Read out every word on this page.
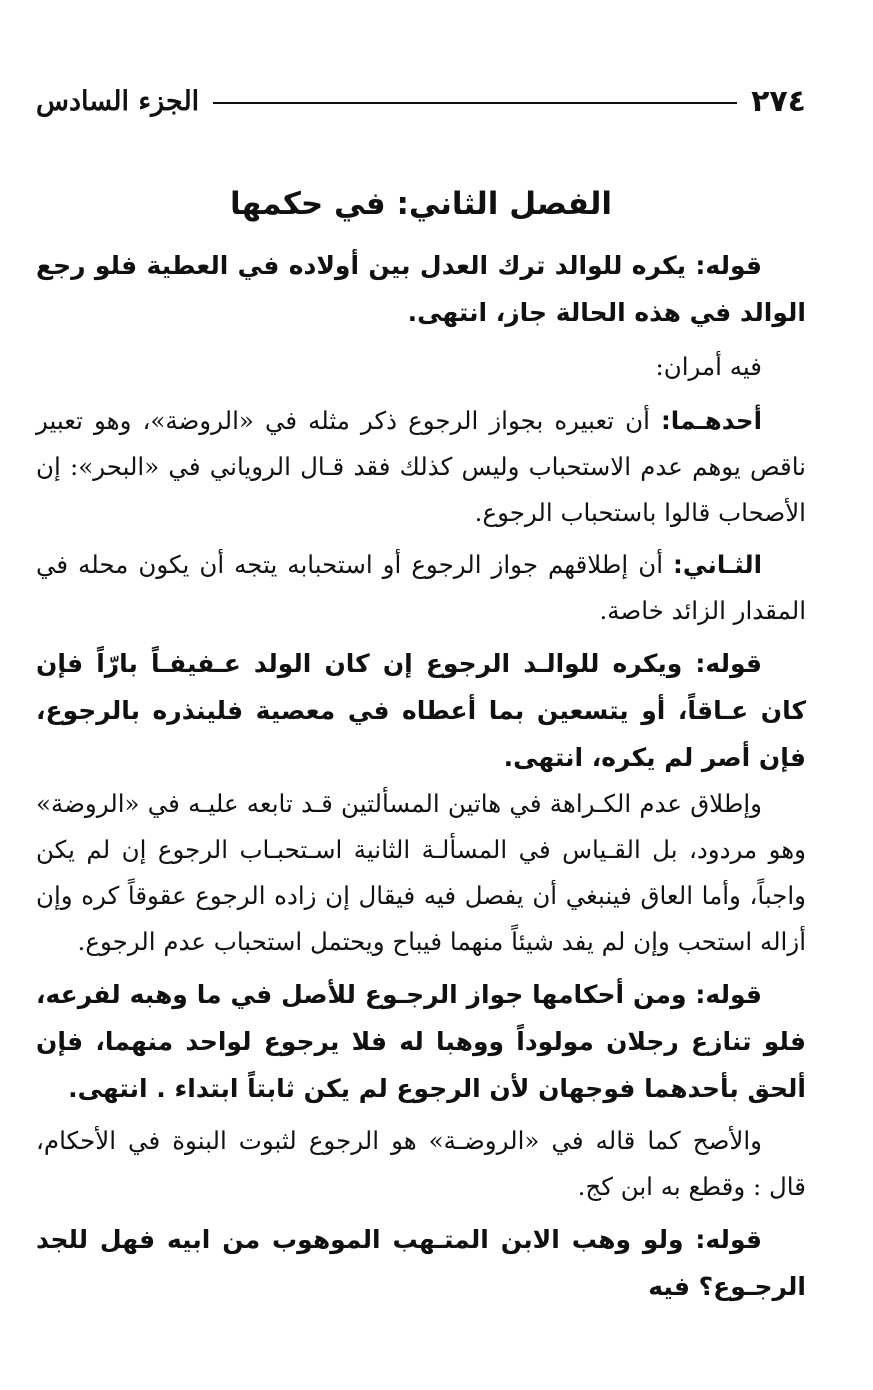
٢٧٤
الجزء السادس
الفصل الثاني: في حكمها

قوله: يكره للوالد ترك العدل بين أولاده في العطية فلو رجع الوالد في هذه الحالة جاز، انتهى.

فيه أمران:

أحدهـما: أن تعبيره بجواز الرجوع ذكر مثله في «الروضة»، وهو تعبير ناقص يوهم عدم الاستحباب وليس كذلك فقد قـال الروياني في «البحر»: إن الأصحاب قالوا باستحباب الرجوع.

الثـاني: أن إطلاقهم جواز الرجوع أو استحبابه يتجه أن يكون محله في المقدار الزائد خاصة.

قوله: ويكره للوالـد الرجوع إن كان الولد عـفيفـاً بارّاً فإن كان عـاقاً، أو يتسعين بما أعطاه في معصية فلينذره بالرجوع، فإن أصر لم يكره، انتهى.

وإطلاق عدم الكـراهة في هاتين المسألتين قـد تابعه عليـه في «الروضة» وهو مردود، بل القـياس في المسألـة الثانية اسـتحبـاب الرجوع إن لم يكن واجباً، وأما العاق فينبغي أن يفصل فيه فيقال إن زاده الرجوع عقوقاً كره وإن أزاله استحب وإن لم يفد شيئاً منهما فيباح ويحتمل استحباب عدم الرجوع.

قوله: ومن أحكامها جواز الرجـوع للأصل في ما وهبه لفرعه، فلو تنازع رجلان مولوداً ووهبا له فلا يرجوع لواحد منهما، فإن ألحق بأحدهما فوجهان لأن الرجوع لم يكن ثابتاً ابتداء . انتهى.

والأصح كما قاله في «الروضـة» هو الرجوع لثبوت البنوة في الأحكام، قال : وقطع به ابن كج.

قوله: ولو وهب الابن المتـهب الموهوب من ابيه فهل للجد الرجـوع؟ فيه
